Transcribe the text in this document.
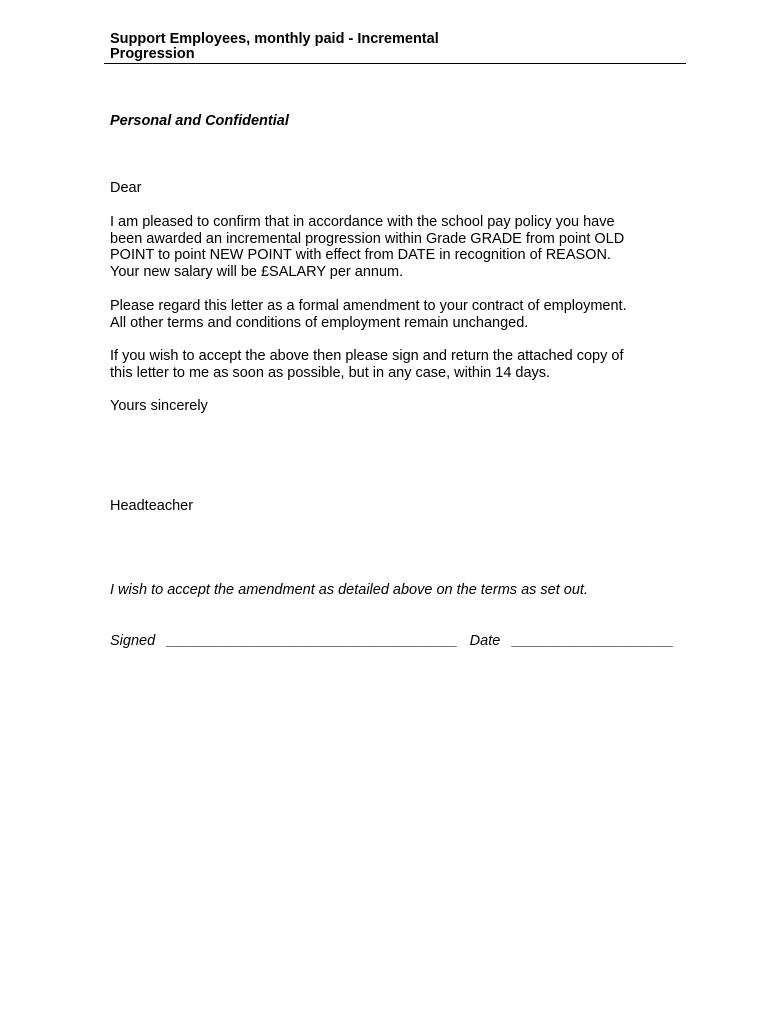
Support Employees, monthly paid - Incremental
Progression
Personal and Confidential
Dear
I am pleased to confirm that in accordance with the school pay policy you have
been awarded an incremental progression within Grade GRADE from point OLD
POINT to point NEW POINT with effect from DATE in recognition of REASON.
Your new salary will be £SALARY per annum.
Please regard this letter as a formal amendment to your contract of employment.
All other terms and conditions of employment remain unchanged.
If you wish to accept the above then please sign and return the attached copy of
this letter to me as soon as possible, but in any case, within 14 days.
Yours sincerely
Headteacher
I wish to accept the amendment as detailed above on the terms as set out.
Signed ____________________________________ Date ____________________
